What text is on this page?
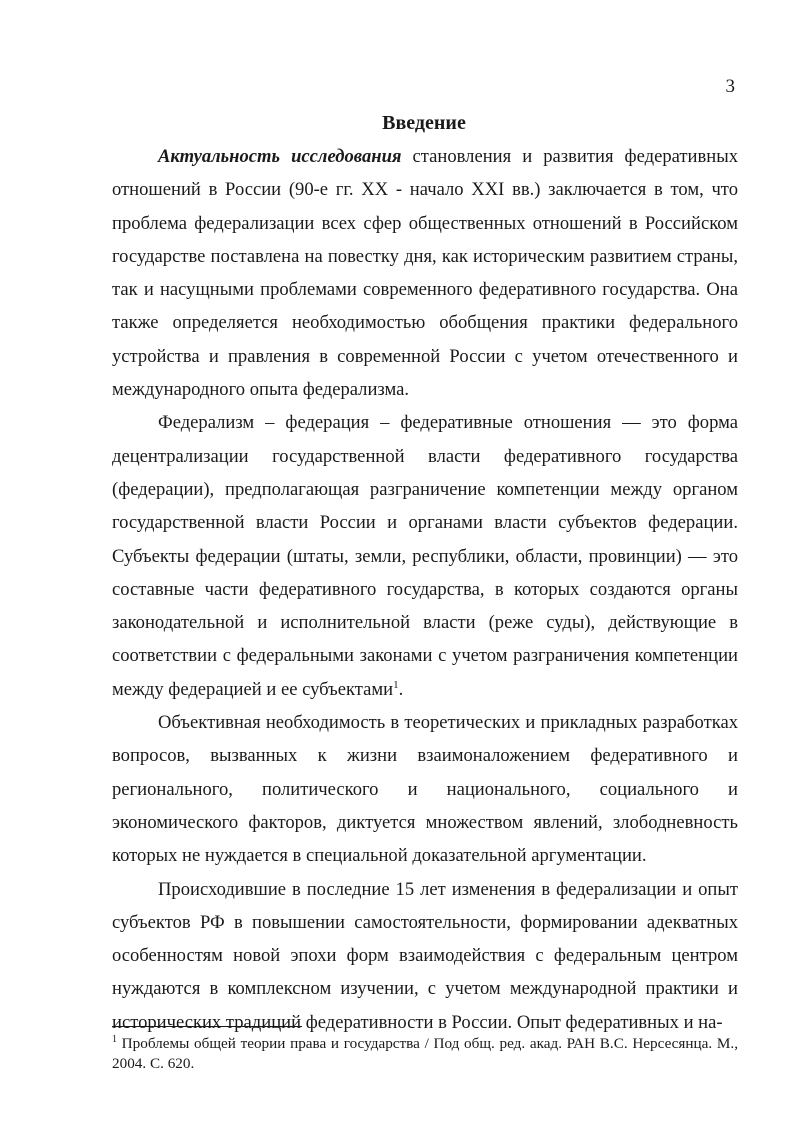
3
Введение

Актуальность исследования становления и развития федеративных отношений в России (90-е гг. XX - начало XXI вв.) заключается в том, что проблема федерализации всех сфер общественных отношений в Российском государстве поставлена на повестку дня, как историческим развитием страны, так и насущными проблемами современного федеративного государства. Она также определяется необходимостью обобщения практики федерального устройства и правления в современной России с учетом отечественного и международного опыта федерализма.

Федерализм – федерация – федеративные отношения — это форма децентрализации государственной власти федеративного государства (федерации), предполагающая разграничение компетенции между органом государственной власти России и органами власти субъектов федерации. Субъекты федерации (штаты, земли, республики, области, провинции) — это составные части федеративного государства, в которых создаются органы законодательной и исполнительной власти (реже суды), действующие в соответствии с федеральными законами с учетом разграничения компетенции между федерацией и ее субъектами$^1$.

Объективная необходимость в теоретических и прикладных разработках вопросов, вызванных к жизни взаимоналожением федеративного и регионального, политического и национального, социального и экономического факторов, диктуется множеством явлений, злободневность которых не нуждается в специальной доказательной аргументации.

Происходившие в последние 15 лет изменения в федерализации и опыт субъектов РФ в повышении самостоятельности, формировании адекватных особенностям новой эпохи форм взаимодействия с федеральным центром нуждаются в комплексном изучении, с учетом международной практики и исторических традиций федеративности в России. Опыт федеративных и на-

$^1$ Проблемы общей теории права и государства / Под общ. ред. акад. РАН В.С. Нерсесянца. М., 2004. С. 620.
